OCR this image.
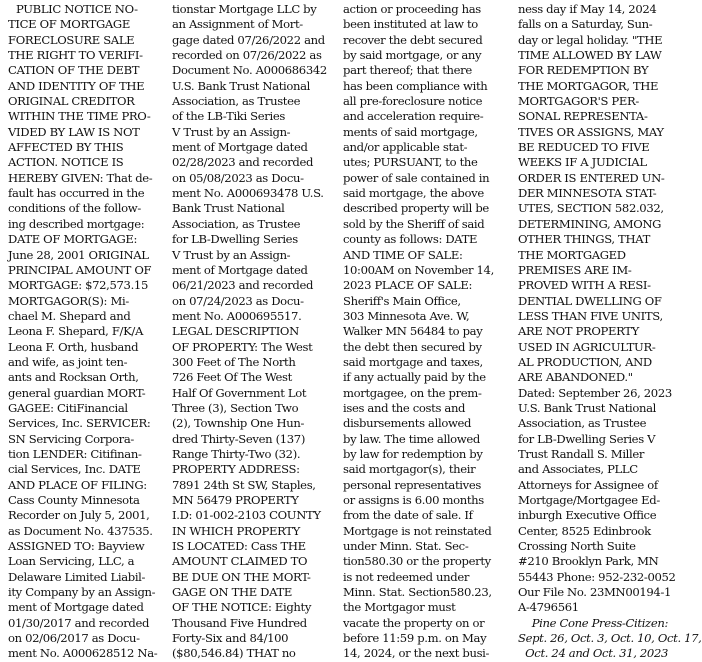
PUBLIC NOTICE NO-
TICE OF MORTGAGE
FORECLOSURE SALE
THE RIGHT TO VERIFI-
CATION OF THE DEBT
AND IDENTITY OF THE
ORIGINAL CREDITOR
WITHIN THE TIME PRO-
VIDED BY LAW IS NOT
AFFECTED BY THIS
ACTION. NOTICE IS
HEREBY GIVEN: That de-
fault has occurred in the
conditions of the follow-
ing described mortgage:
DATE OF MORTGAGE:
June 28, 2001 ORIGINAL
PRINCIPAL AMOUNT OF
MORTGAGE: $72,573.15
MORTGAGOR(S): Mi-
chael M. Shepard and
Leona F. Shepard, F/K/A
Leona F. Orth, husband
and wife, as joint ten-
ants and Rocksan Orth,
general guardian MORT-
GAGEE: CitiFinancial
Services, Inc. SERVICER:
SN Servicing Corpora-
tion LENDER: Citifinan-
cial Services, Inc. DATE
AND PLACE OF FILING:
Cass County Minnesota
Recorder on July 5, 2001,
as Document No. 437535.
ASSIGNED TO: Bayview
Loan Servicing, LLC, a
Delaware Limited Liabil-
ity Company by an Assign-
ment of Mortgage dated
01/30/2017 and recorded
on 02/06/2017 as Docu-
ment No. A000628512 Na-
tionstar Mortgage LLC by
an Assignment of Mort-
gage dated 07/26/2022 and
recorded on 07/26/2022 as
Document No. A000686342
U.S. Bank Trust National
Association, as Trustee
of the LB-Tiki Series
V Trust by an Assign-
ment of Mortgage dated
02/28/2023 and recorded
on 05/08/2023 as Docu-
ment No. A000693478 U.S.
Bank Trust National
Association, as Trustee
for LB-Dwelling Series
V Trust by an Assign-
ment of Mortgage dated
06/21/2023 and recorded
on 07/24/2023 as Docu-
ment No. A000695517.
LEGAL DESCRIPTION
OF PROPERTY: The West
300 Feet of The North
726 Feet Of The West
Half Of Government Lot
Three (3), Section Two
(2), Township One Hun-
dred Thirty-Seven (137)
Range Thirty-Two (32).
PROPERTY ADDRESS:
7891 24th St SW, Staples,
MN 56479 PROPERTY
I.D: 01-002-2103 COUNTY
IN WHICH PROPERTY
IS LOCATED: Cass THE
AMOUNT CLAIMED TO
BE DUE ON THE MORT-
GAGE ON THE DATE
OF THE NOTICE: Eighty
Thousand Five Hundred
Forty-Six and 84/100
($80,546.84) THAT no
action or proceeding has
been instituted at law to
recover the debt secured
by said mortgage, or any
part thereof; that there
has been compliance with
all pre-foreclosure notice
and acceleration require-
ments of said mortgage,
and/or applicable stat-
utes; PURSUANT, to the
power of sale contained in
said mortgage, the above
described property will be
sold by the Sheriff of said
county as follows: DATE
AND TIME OF SALE:
10:00AM on November 14,
2023 PLACE OF SALE:
Sheriff's Main Office,
303 Minnesota Ave. W,
Walker MN 56484 to pay
the debt then secured by
said mortgage and taxes,
if any actually paid by the
mortgagee, on the prem-
ises and the costs and
disbursements allowed
by law. The time allowed
by law for redemption by
said mortgagor(s), their
personal representatives
or assigns is 6.00 months
from the date of sale. If
Mortgage is not reinstated
under Minn. Stat. Sec-
tion580.30 or the property
is not redeemed under
Minn. Stat. Section580.23,
the Mortgagor must
vacate the property on or
before 11:59 p.m. on May
14, 2024, or the next busi-
ness day if May 14, 2024
falls on a Saturday, Sun-
day or legal holiday. "THE
TIME ALLOWED BY LAW
FOR REDEMPTION BY
THE MORTGAGOR, THE
MORTGAGOR'S PER-
SONAL REPRESENTA-
TIVES OR ASSIGNS, MAY
BE REDUCED TO FIVE
WEEKS IF A JUDICIAL
ORDER IS ENTERED UN-
DER MINNESOTA STAT-
UTES, SECTION 582.032,
DETERMINING, AMONG
OTHER THINGS, THAT
THE MORTGAGED
PREMISES ARE IM-
PROVED WITH A RESI-
DENTIAL DWELLING OF
LESS THAN FIVE UNITS,
ARE NOT PROPERTY
USED IN AGRICULTUR-
AL PRODUCTION, AND
ARE ABANDONED."
Dated: September 26, 2023
U.S. Bank Trust National
Association, as Trustee
for LB-Dwelling Series V
Trust Randall S. Miller
and Associates, PLLC
Attorneys for Assignee of
Mortgage/Mortgagee Ed-
inburgh Executive Office
Center, 8525 Edinbrook
Crossing North Suite
#210 Brooklyn Park, MN
55443 Phone: 952-232-0052
Our File No. 23MN00194-1
A-4796561
Pine Cone Press-Citizen:
Sept. 26, Oct. 3, Oct. 10, Oct. 17,
Oct. 24 and Oct. 31, 2023
